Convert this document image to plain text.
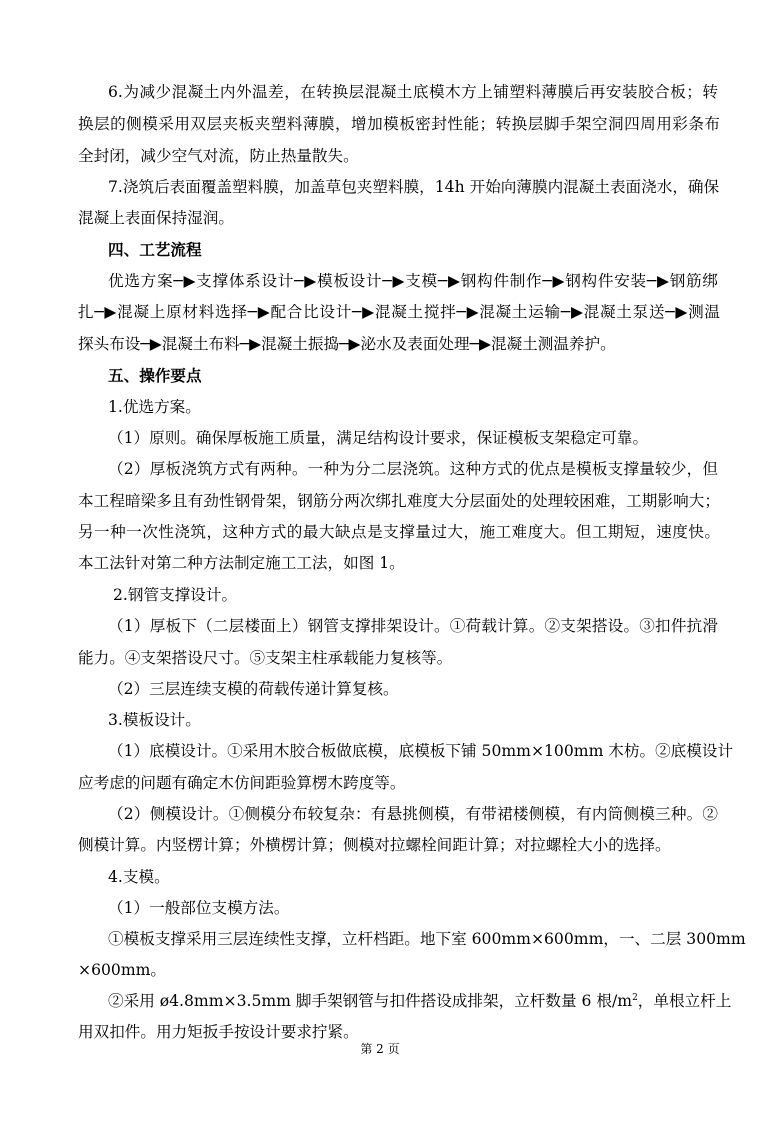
6.为减少混凝土内外温差，在转换层混凝土底模木方上铺塑料薄膜后再安装胶合板；转
换层的侧模采用双层夹板夹塑料薄膜，增加模板密封性能；转换层脚手架空洞四周用彩条布
全封闭，减少空气对流，防止热量散失。
7.浇筑后表面覆盖塑料膜，加盖草包夹塑料膜，14h 开始向薄膜内混凝土表面浇水，确保
混凝上表面保持湿润。
四、工艺流程
优选方案─▶支撑体系设计─▶模板设计─▶支模─▶钢构件制作─▶钢构件安装─▶钢筋绑
扎─▶混凝上原材料选择─▶配合比设计─▶混凝土搅拌─▶混凝土运输─▶混凝土泵送─▶测温
探头布设─▶混凝土布料─▶混凝土振捣─▶泌水及表面处理─▶混凝土测温养护。
五、操作要点
1.优选方案。
（1）原则。确保厚板施工质量，满足结构设计要求，保证模板支架稳定可靠。
（2）厚板浇筑方式有两种。一种为分二层浇筑。这种方式的优点是模板支撑量较少，但
本工程暗梁多且有劲性钢骨架，钢筋分两次绑扎难度大分层面处的处理较困难，工期影响大；
另一种一次性浇筑，这种方式的最大缺点是支撑量过大，施工难度大。但工期短，速度快。
本工法针对第二种方法制定施工工法，如图 1。
2.钢管支撑设计。
（1）厚板下（二层楼面上）钢管支撑排架设计。①荷载计算。②支架搭设。③扣件抗滑
能力。④支架搭设尺寸。⑤支架主柱承载能力复核等。
（2）三层连续支模的荷载传递计算复核。
3.模板设计。
（1）底模设计。①采用木胶合板做底模，底模板下铺 50mm×100mm 木枋。②底模设计
应考虑的问题有确定木仿间距验算楞木跨度等。
（2）侧模设计。①侧模分布较复杂：有悬挑侧模，有带裙楼侧模，有内筒侧模三种。②
侧模计算。内竖楞计算；外横楞计算；侧模对拉螺栓间距计算；对拉螺栓大小的选择。
4.支模。
（1）一般部位支模方法。
①模板支撑采用三层连续性支撑，立杆档距。地下室 600mm×600mm，一、二层 300mm
×600mm。
②采用 ø4.8mm×3.5mm 脚手架钢管与扣件搭设成排架，立杆数量 6 根$/m^2$ ，单根立杆上
用双扣件。用力矩扳手按设计要求拧紧。
第 2 页
